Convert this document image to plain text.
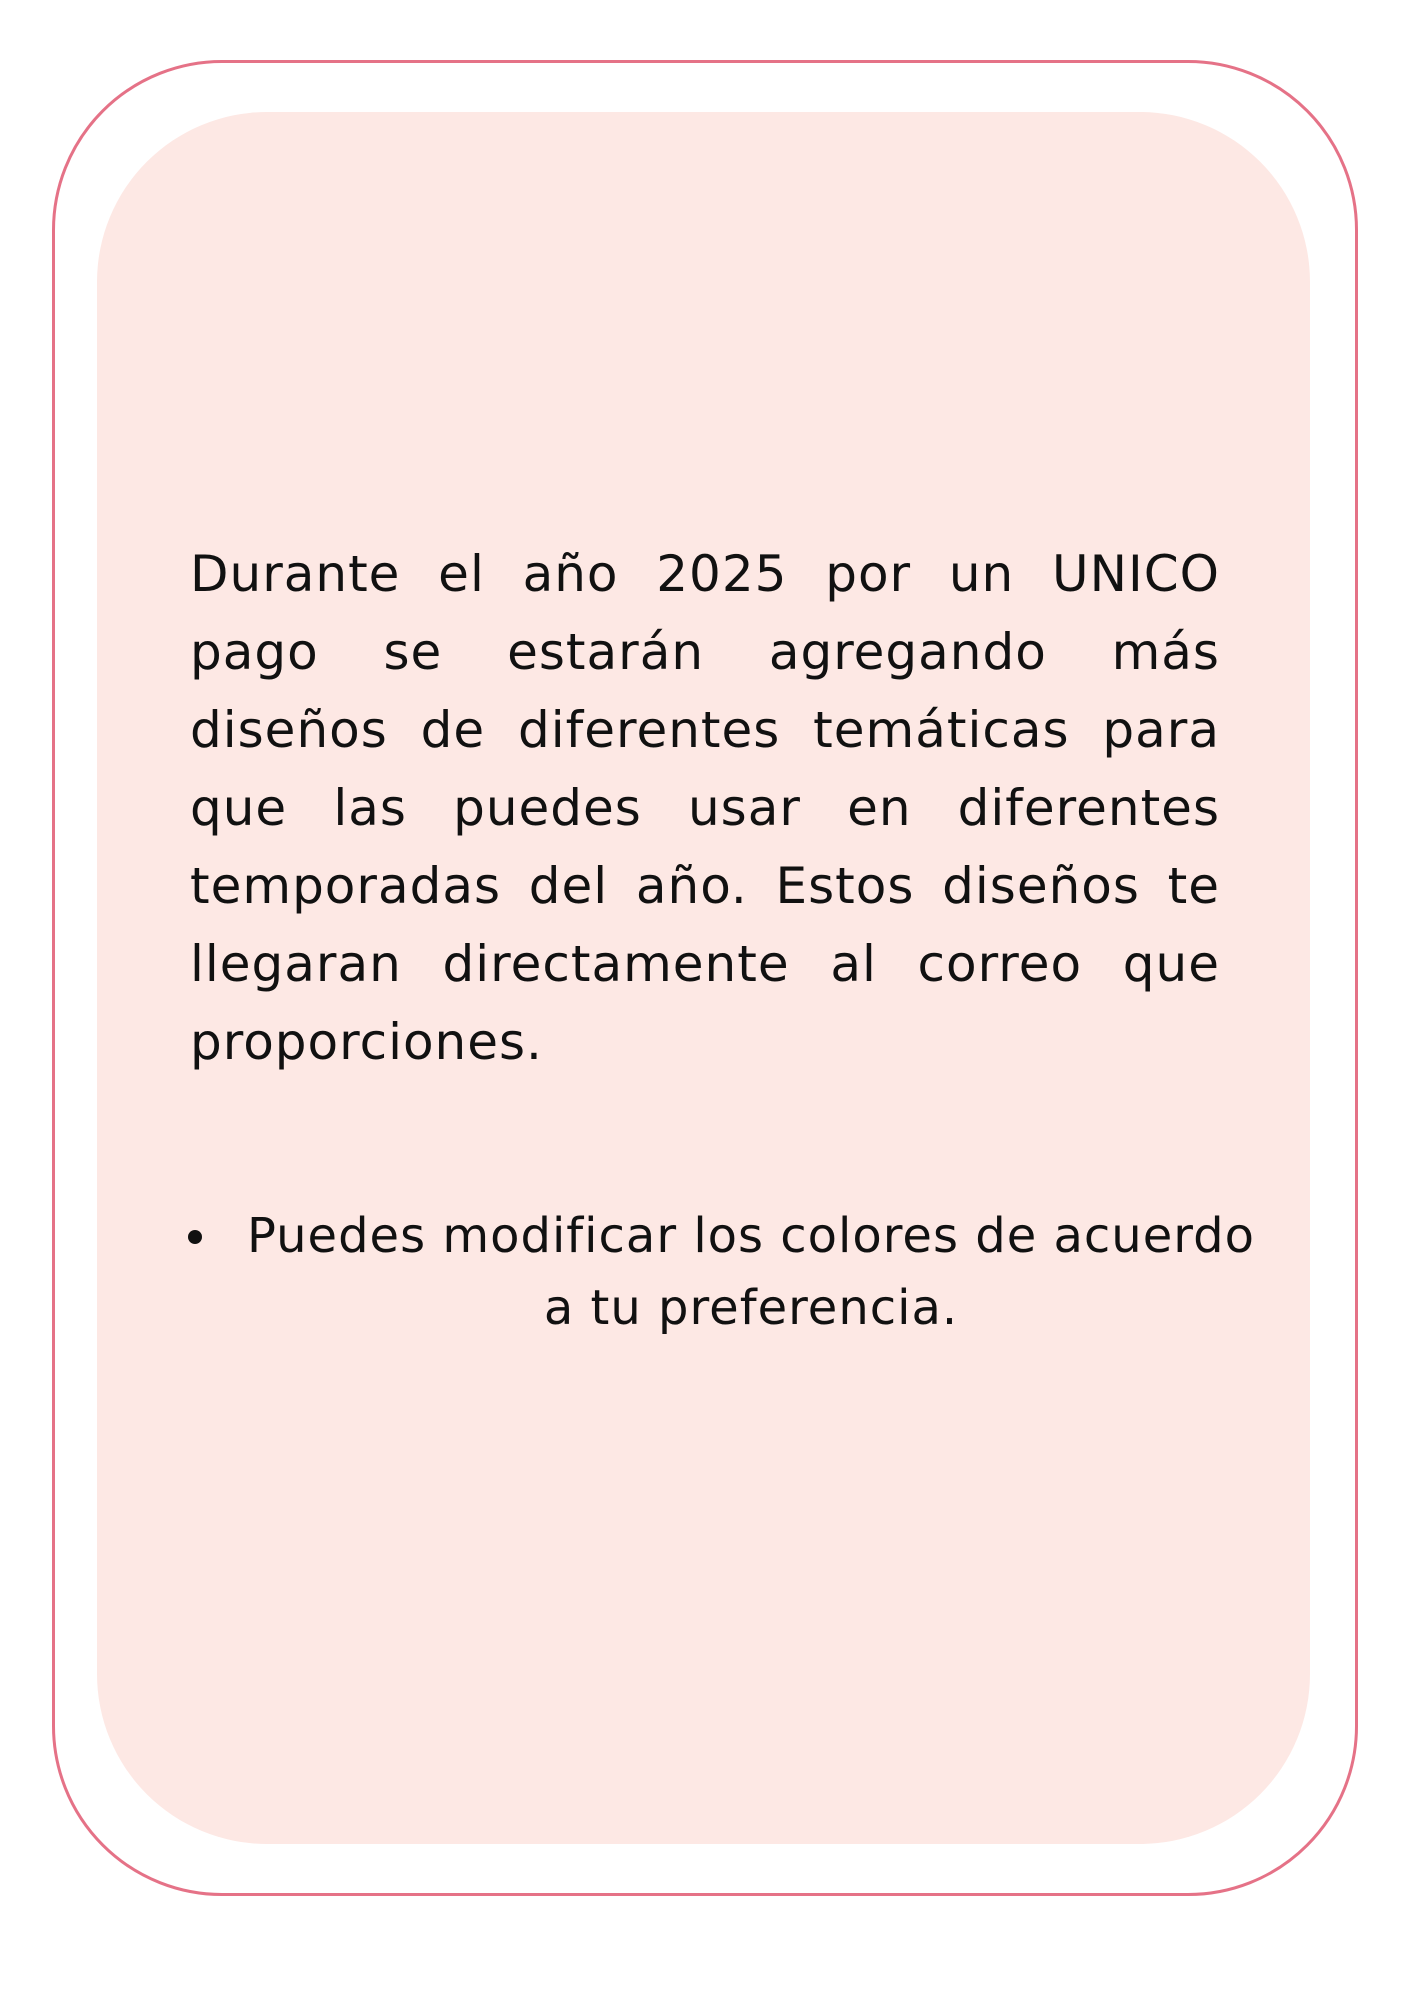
Durante el año 2025 por un UNICO pago se estarán agregando más diseños de diferentes temáticas para que las puedes usar en diferentes temporadas del año. Estos diseños te llegaran directamente al correo que proporciones.

Puedes modificar los colores de acuerdo a tu preferencia.
